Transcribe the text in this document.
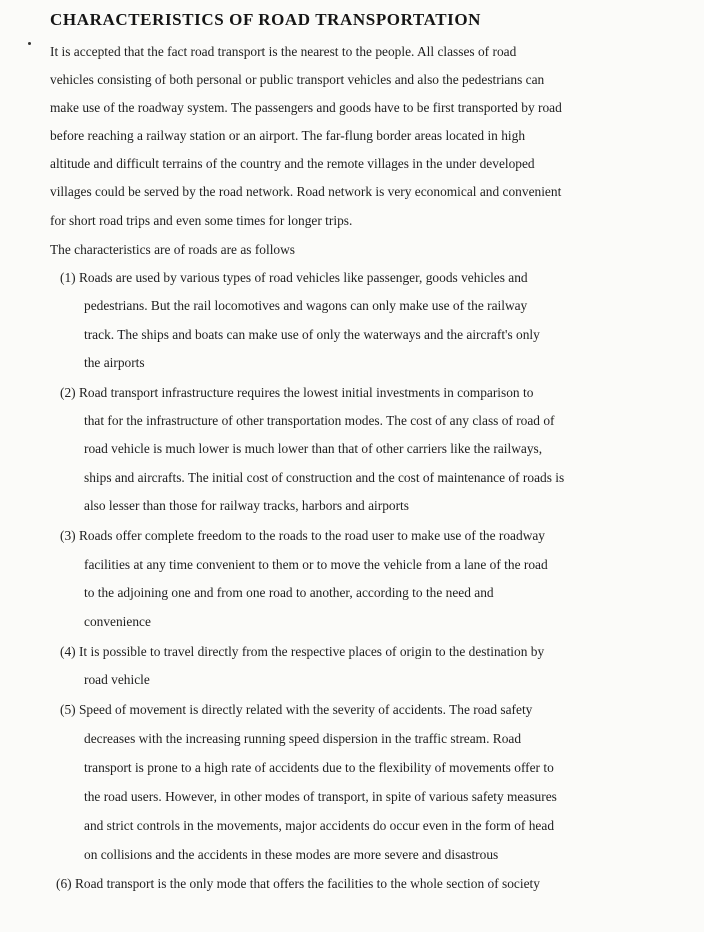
CHARACTERISTICS OF ROAD TRANSPORTATION
It is accepted that the fact road transport is the nearest to the people. All classes of road
vehicles consisting of both personal or public transport vehicles and also the pedestrians can
make use of the roadway system. The passengers and goods have to be first transported by road
before reaching a railway station or an airport. The far-flung border areas located in high
altitude and difficult terrains of the country and the remote villages in the under developed
villages could be served by the road network. Road network is very economical and convenient
for short road trips and even some times for longer trips.
The characteristics are of roads are as follows
(1) Roads are used by various types of road vehicles like passenger, goods vehicles and
pedestrians. But the rail locomotives and wagons can only make use of the railway
track. The ships and boats can make use of only the waterways and the aircraft's only
the airports
(2) Road transport infrastructure requires the lowest initial investments in comparison to
that for the infrastructure of other transportation modes. The cost of any class of road of
road vehicle is much lower is much lower than that of other carriers like the railways,
ships and aircrafts. The initial cost of construction and the cost of maintenance of roads is
also lesser than those for railway tracks, harbors and airports
(3) Roads offer complete freedom to the roads to the road user to make use of the roadway
facilities at any time convenient to them or to move the vehicle from a lane of the road
to the adjoining one and from one road to another, according to the need and
convenience
(4) It is possible to travel directly from the respective places of origin to the destination by
road vehicle
(5) Speed of movement is directly related with the severity of accidents. The road safety
decreases with the increasing running speed dispersion in the traffic stream. Road
transport is prone to a high rate of accidents due to the flexibility of movements offer to
the road users. However, in other modes of transport, in spite of various safety measures
and strict controls in the movements, major accidents do occur even in the form of head
on collisions and the accidents in these modes are more severe and disastrous
(6) Road transport is the only mode that offers the facilities to the whole section of society
